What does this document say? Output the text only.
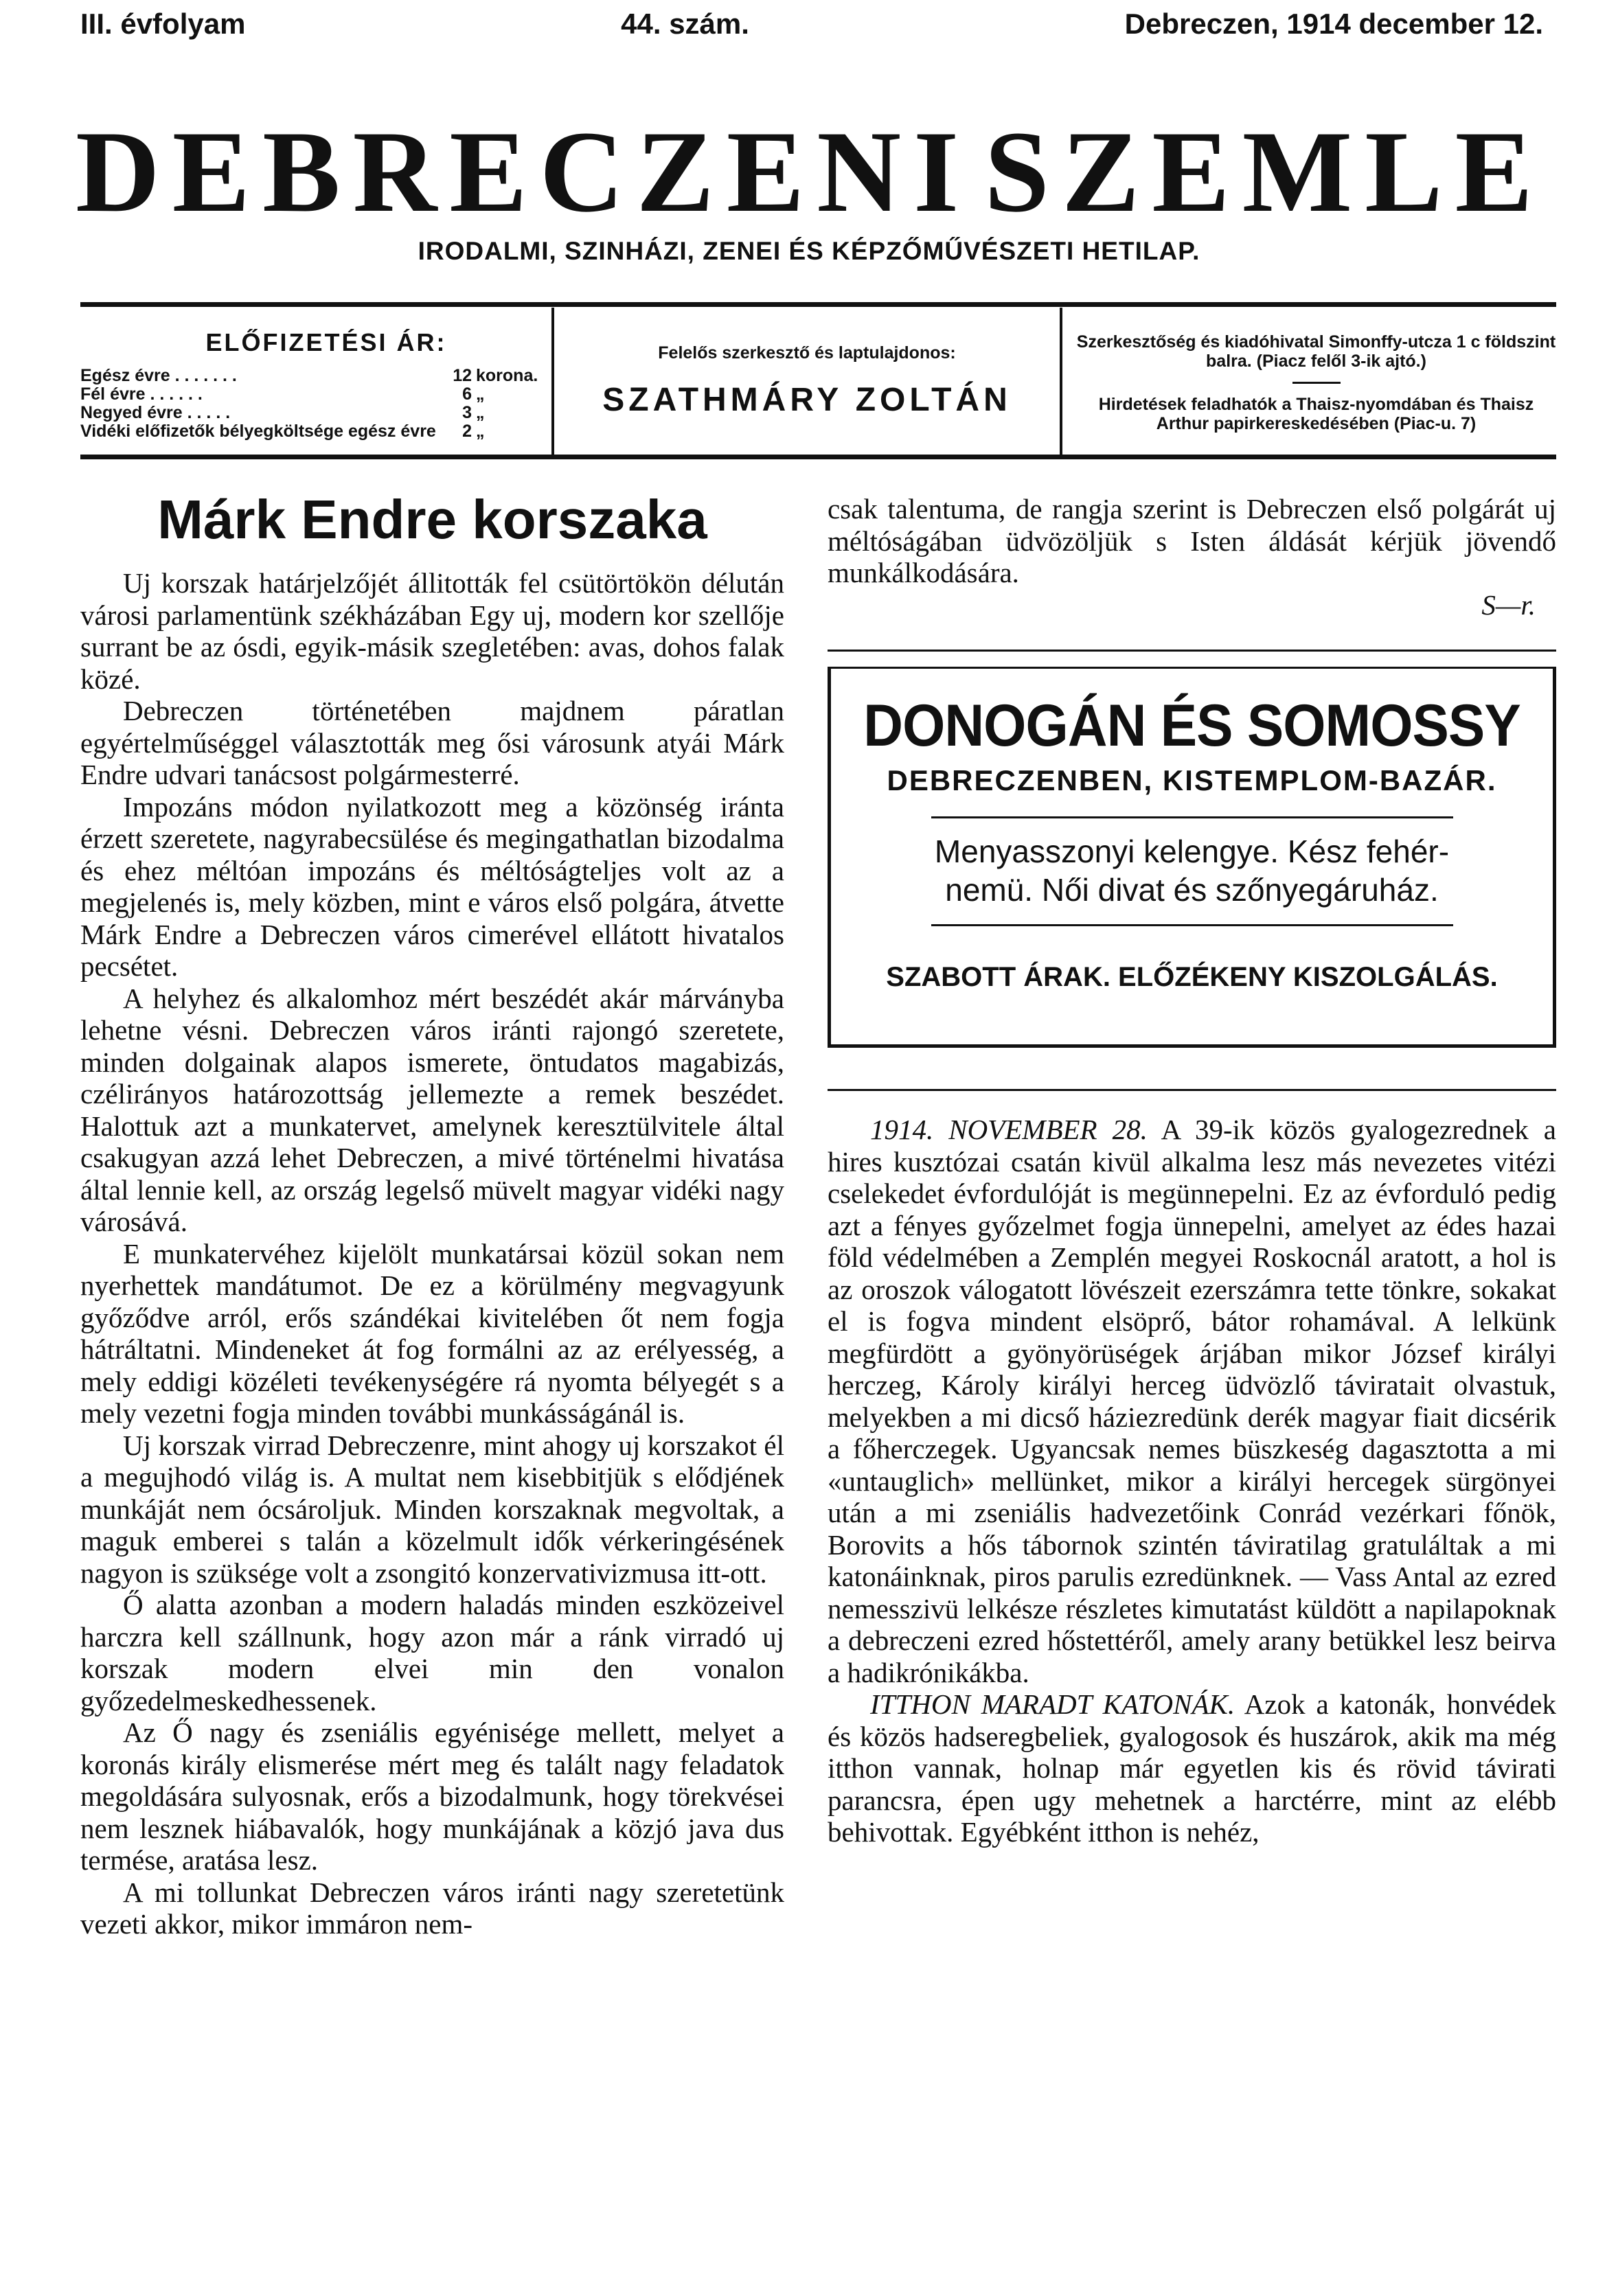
III. évfolyam	44. szám.	Debreczen, 1914 december 12.
DEBRECZENI SZEMLE
IRODALMI, SZINHÁZI, ZENEI ÉS KÉPZŐMŰVÉSZETI HETILAP.
ELŐFIZETÉSI ÁR:
Egész évre . . . . . . .	12 korona.
Fél évre . . . . . .	6 „
Negyed évre . . . . .	3 „
Vidéki előfizetők bélyegköltsége egész évre	2 „
Felelős szerkesztő és laptulajdonos:
SZATHMÁRY ZOLTÁN
Szerkesztőség és kiadóhivatal Simonffy-utcza 1 c földszint balra. (Piacz felől 3-ik ajtó.)
Hirdetések feladhatók a Thaisz-nyomdában és Thaisz Arthur papirkereskedésében (Piac-u. 7)
Márk Endre korszaka

Uj korszak határjelzőjét állitották fel csütörtökön délután városi parlamentünk székházában Egy uj, modern kor szellője surrant be az ósdi, egyik-másik szegletében: avas, dohos falak közé.

Debreczen történetében majdnem páratlan egyértelműséggel választották meg ősi városunk atyái Márk Endre udvari tanácsost polgármesterré.

Impozáns módon nyilatkozott meg a közönség iránta érzett szeretete, nagyrabecsülése és megingathatlan bizodalma és ehez méltóan impozáns és méltóságteljes volt az a megjelenés is, mely közben, mint e város első polgára, átvette Márk Endre a Debreczen város cimerével ellátott hivatalos pecsétet.

A helyhez és alkalomhoz mért beszédét akár márványba lehetne vésni. Debreczen város iránti rajongó szeretete, minden dolgainak alapos ismerete, öntudatos magabizás, czélirányos határozottság jellemezte a remek beszédet. Halottuk azt a munkatervet, amelynek keresztülvitele által csakugyan azzá lehet Debreczen, a mivé történelmi hivatása által lennie kell, az ország legelső müvelt magyar vidéki nagy városává.

E munkatervéhez kijelölt munkatársai közül sokan nem nyerhettek mandátumot. De ez a körülmény megvagyunk győződve arról, erős szándékai kivitelében őt nem fogja hátráltatni. Mindeneket át fog formálni az az erélyesség, a mely eddigi közéleti tevékenységére rá nyomta bélyegét s a mely vezetni fogja minden további munkásságánál is.

Uj korszak virrad Debreczenre, mint ahogy uj korszakot él a megujhodó világ is. A multat nem kisebbitjük s elődjének munkáját nem ócsároljuk. Minden korszaknak megvoltak, a maguk emberei s talán a közelmult idők vérkeringésének nagyon is szüksége volt a zsongitó konzervativizmusa itt-ott.

Ő alatta azonban a modern haladás minden eszközeivel harczra kell szállnunk, hogy azon már a ránk virradó uj korszak modern elvei min den vonalon győzedelmeskedhessenek.

Az Ő nagy és zseniális egyénisége mellett, melyet a koronás király elismerése mért meg és talált nagy feladatok megoldására sulyosnak, erős a bizodalmunk, hogy törekvései nem lesznek hiábavalók, hogy munkájának a közjó java dus termése, aratása lesz.

A mi tollunkat Debreczen város iránti nagy szeretetünk vezeti akkor, mikor immáron nem-

csak talentuma, de rangja szerint is Debreczen első polgárát uj méltóságában üdvözöljük s Isten áldását kérjük jövendő munkálkodására.

S—r.
DONOGÁN ÉS SOMOSSY
DEBRECZENBEN, KISTEMPLOM-BAZÁR.
Menyasszonyi kelengye. Kész fehér-
nemü. Női divat és szőnyegáruház.
SZABOTT ÁRAK. ELŐZÉKENY KISZOLGÁLÁS.

1914. NOVEMBER 28. A 39-ik közös gyalogezrednek a hires kusztózai csatán kivül alkalma lesz más nevezetes vitézi cselekedet évfordulóját is megünnepelni. Ez az évforduló pedig azt a fényes győzelmet fogja ünnepelni, amelyet az édes hazai föld védelmében a Zemplén megyei Roskocnál aratott, a hol is az oroszok válogatott lövészeit ezerszámra tette tönkre, sokakat el is fogva mindent elsöprő, bátor rohamával. A lelkünk megfürdött a gyönyörüségek árjában mikor József királyi herczeg, Károly királyi herceg üdvözlő táviratait olvastuk, melyekben a mi dicső háziezredünk derék magyar fiait dicsérik a főherczegek. Ugyancsak nemes büszkeség dagasztotta a mi «untauglich» mellünket, mikor a királyi hercegek sürgönyei után a mi zseniális hadvezetőink Conrád vezérkari főnök, Borovits a hős tábornok szintén táviratilag gratuláltak a mi katonáinknak, piros parulis ezredünknek. — Vass Antal az ezred nemesszivü lelkésze részletes kimutatást küldött a napilapoknak a debreczeni ezred hőstettéről, amely arany betükkel lesz beirva a hadikrónikákba.

ITTHON MARADT KATONÁK. Azok a katonák, honvédek és közös hadseregbeliek, gyalogosok és huszárok, akik ma még itthon vannak, holnap már egyetlen kis és rövid távirati parancsra, épen ugy mehetnek a harctérre, mint az elébb behivottak. Egyébként itthon is nehéz,
